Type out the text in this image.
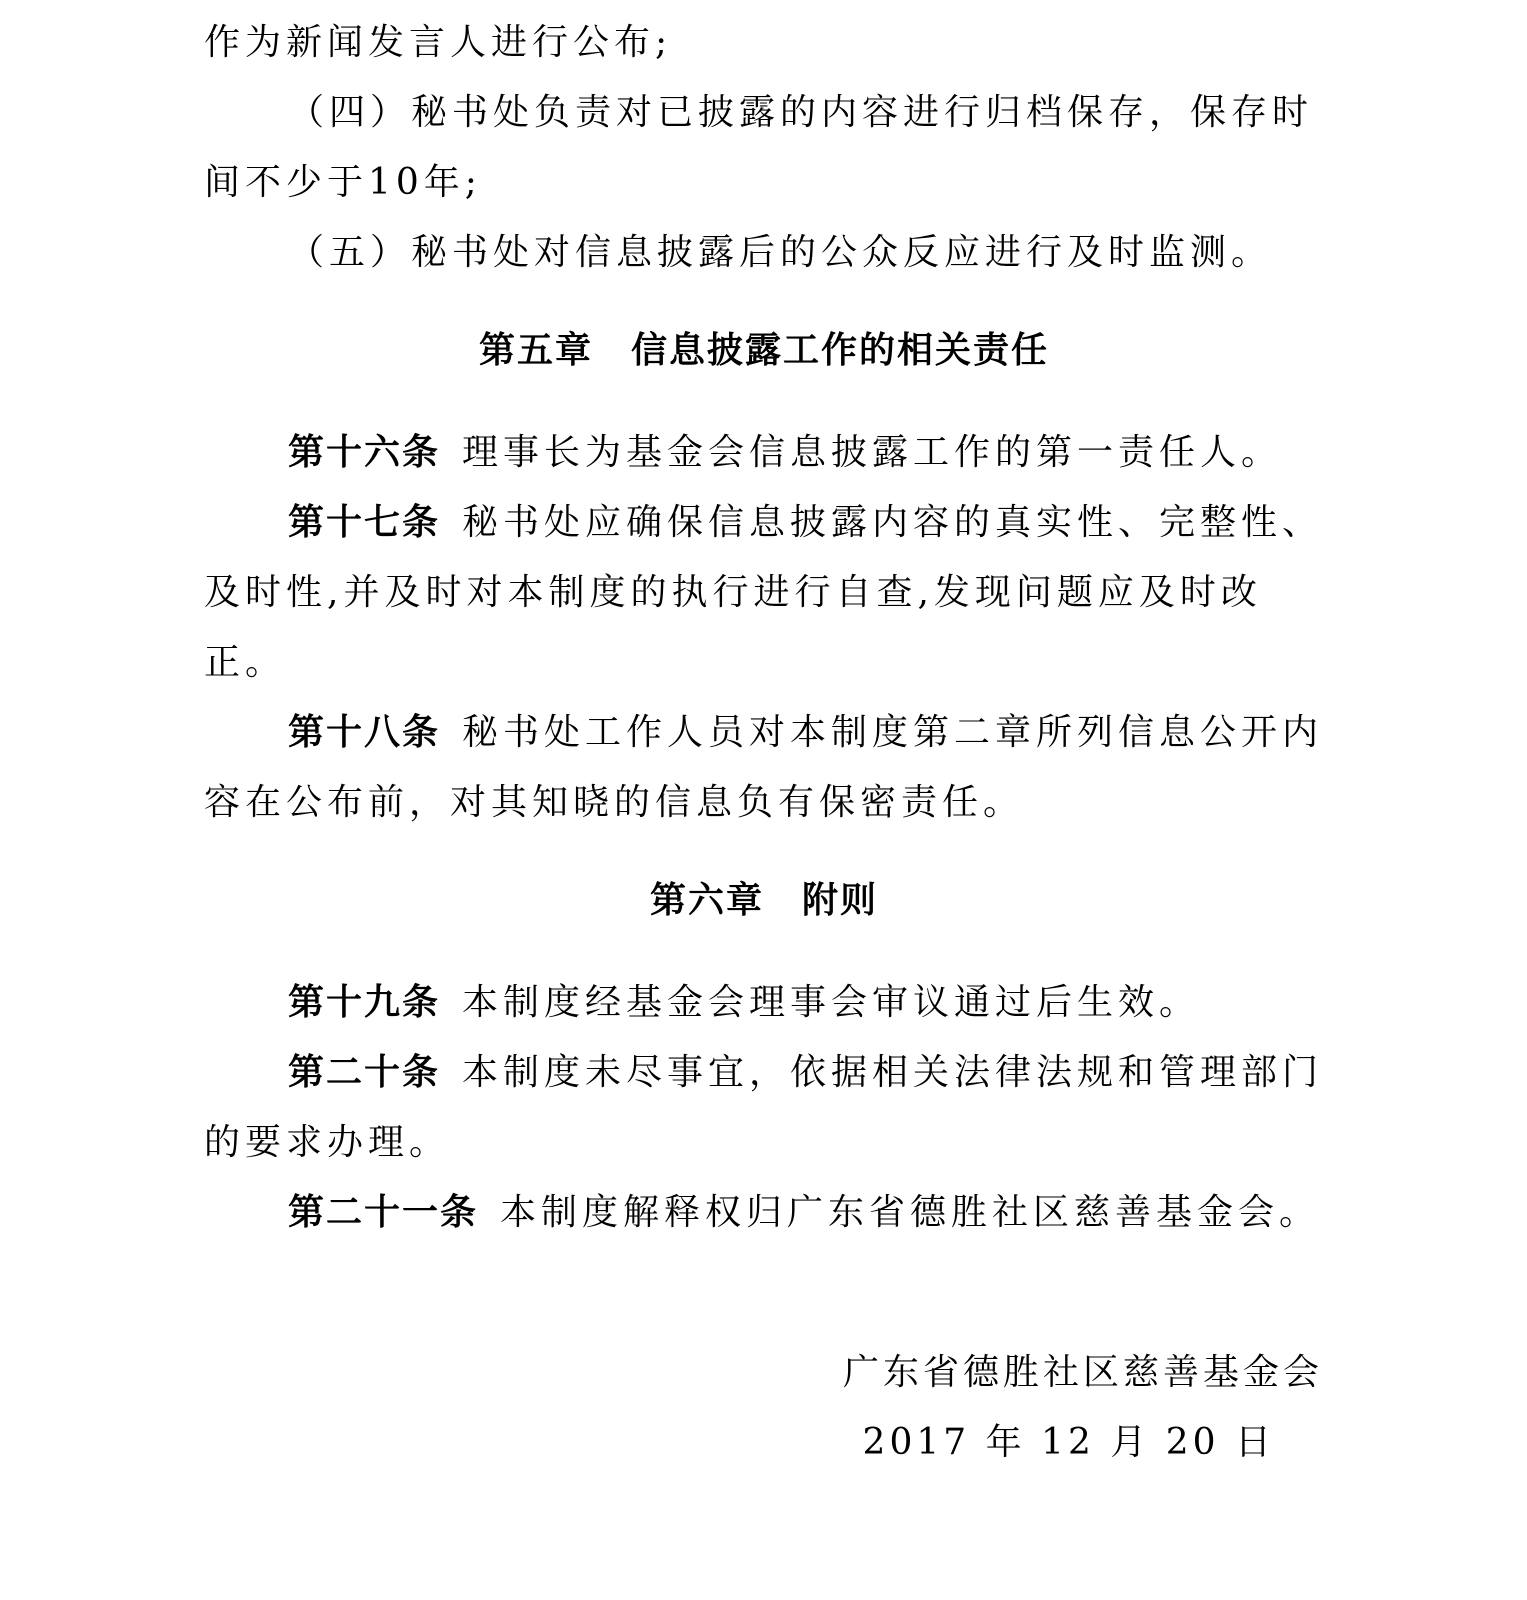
作为新闻发言人进行公布;

（四）秘书处负责对已披露的内容进行归档保存，保存时间不少于10年;

（五）秘书处对信息披露后的公众反应进行及时监测。

第五章　信息披露工作的相关责任

第十六条 理事长为基金会信息披露工作的第一责任人。

第十七条 秘书处应确保信息披露内容的真实性、完整性、及时性,并及时对本制度的执行进行自查,发现问题应及时改正。

第十八条 秘书处工作人员对本制度第二章所列信息公开内容在公布前，对其知晓的信息负有保密责任。

第六章　附则

第十九条 本制度经基金会理事会审议通过后生效。

第二十条 本制度未尽事宜，依据相关法律法规和管理部门的要求办理。

第二十一条 本制度解释权归广东省德胜社区慈善基金会。

广东省德胜社区慈善基金会
2017 年 12 月 20 日
